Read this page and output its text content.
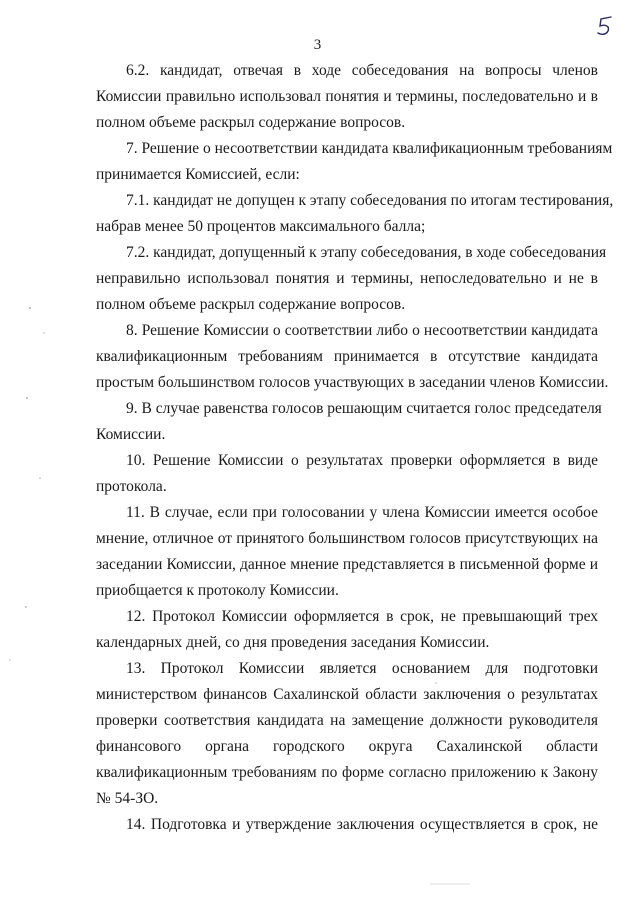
3
6.2. кандидат, отвечая в ходе собеседования на вопросы членов
Комиссии правильно использовал понятия и термины, последовательно и в
полном объеме раскрыл содержание вопросов.
7. Решение о несоответствии кандидата квалификационным требованиям
принимается Комиссией, если:
7.1. кандидат не допущен к этапу собеседования по итогам тестирования,
набрав менее 50 процентов максимального балла;
7.2. кандидат, допущенный к этапу собеседования, в ходе собеседования
неправильно использовал понятия и термины, непоследовательно и не в
полном объеме раскрыл содержание вопросов.
8. Решение Комиссии о соответствии либо о несоответствии кандидата
квалификационным требованиям принимается в отсутствие кандидата
простым большинством голосов участвующих в заседании членов Комиссии.
9. В случае равенства голосов решающим считается голос председателя
Комиссии.
10. Решение Комиссии о результатах проверки оформляется в виде
протокола.
11. В случае, если при голосовании у члена Комиссии имеется особое
мнение, отличное от принятого большинством голосов присутствующих на
заседании Комиссии, данное мнение представляется в письменной форме и
приобщается к протоколу Комиссии.
12. Протокол Комиссии оформляется в срок, не превышающий трех
календарных дней, со дня проведения заседания Комиссии.
13. Протокол Комиссии является основанием для подготовки
министерством финансов Сахалинской области заключения о результатах
проверки соответствия кандидата на замещение должности руководителя
финансового органа городского округа Сахалинской области
квалификационным требованиям по форме согласно приложению к Закону
№ 54-ЗО.
14. Подготовка и утверждение заключения осуществляется в срок, не
